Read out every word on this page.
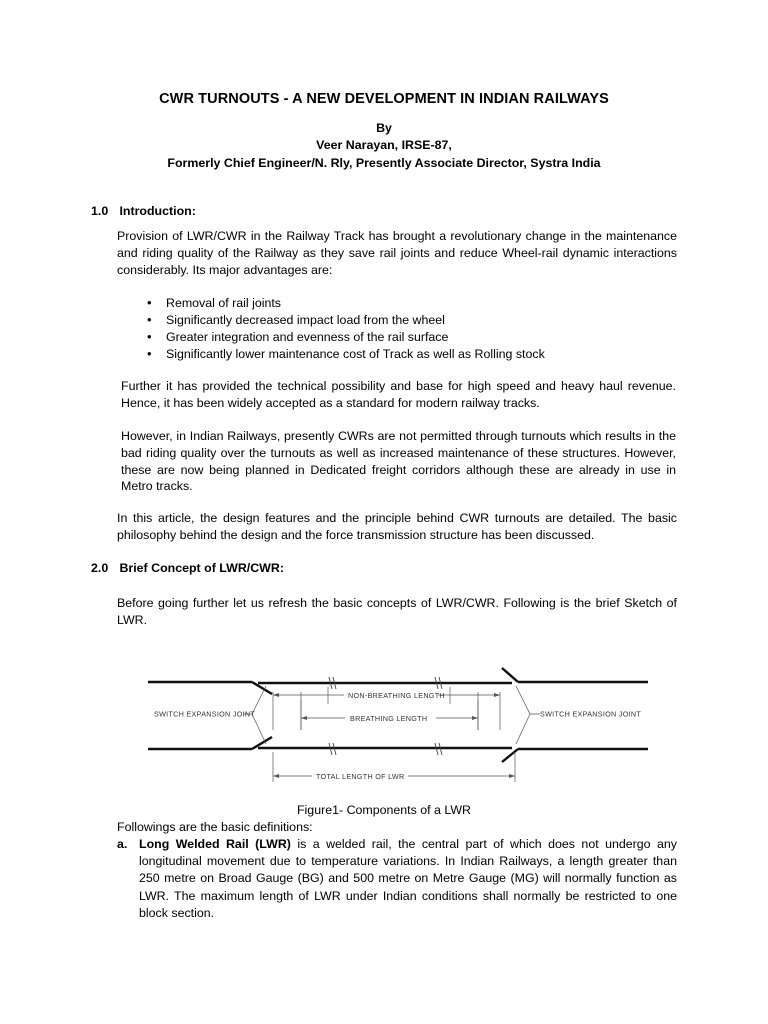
CWR TURNOUTS - A NEW DEVELOPMENT IN INDIAN RAILWAYS
By
Veer Narayan, IRSE-87,
Formerly Chief Engineer/N. Rly, Presently Associate Director, Systra India
1.0 Introduction:
Provision of LWR/CWR in the Railway Track has brought a revolutionary change in the maintenance and riding quality of the Railway as they save rail joints and reduce Wheel-rail dynamic interactions considerably. Its major advantages are:
• Removal of rail joints
• Significantly decreased impact load from the wheel
• Greater integration and evenness of the rail surface
• Significantly lower maintenance cost of Track as well as Rolling stock
Further it has provided the technical possibility and base for high speed and heavy haul revenue. Hence, it has been widely accepted as a standard for modern railway tracks.
However, in Indian Railways, presently CWRs are not permitted through turnouts which results in the bad riding quality over the turnouts as well as increased maintenance of these structures. However, these are now being planned in Dedicated freight corridors although these are already in use in Metro tracks.
In this article, the design features and the principle behind CWR turnouts are detailed. The basic philosophy behind the design and the force transmission structure has been discussed.
2.0 Brief Concept of LWR/CWR:
Before going further let us refresh the basic concepts of LWR/CWR. Following is the brief Sketch of LWR.
SWITCH EXPANSION JOINT	SWITCH EXPANSION JOINT
NON-BREATHING LENGTH
BREATHING LENGTH
TOTAL LENGTH OF LWR
Figure1- Components of a LWR
Followings are the basic definitions:
a. Long Welded Rail (LWR) is a welded rail, the central part of which does not undergo any longitudinal movement due to temperature variations. In Indian Railways, a length greater than 250 metre on Broad Gauge (BG) and 500 metre on Metre Gauge (MG) will normally function as LWR. The maximum length of LWR under Indian conditions shall normally be restricted to one block section.
